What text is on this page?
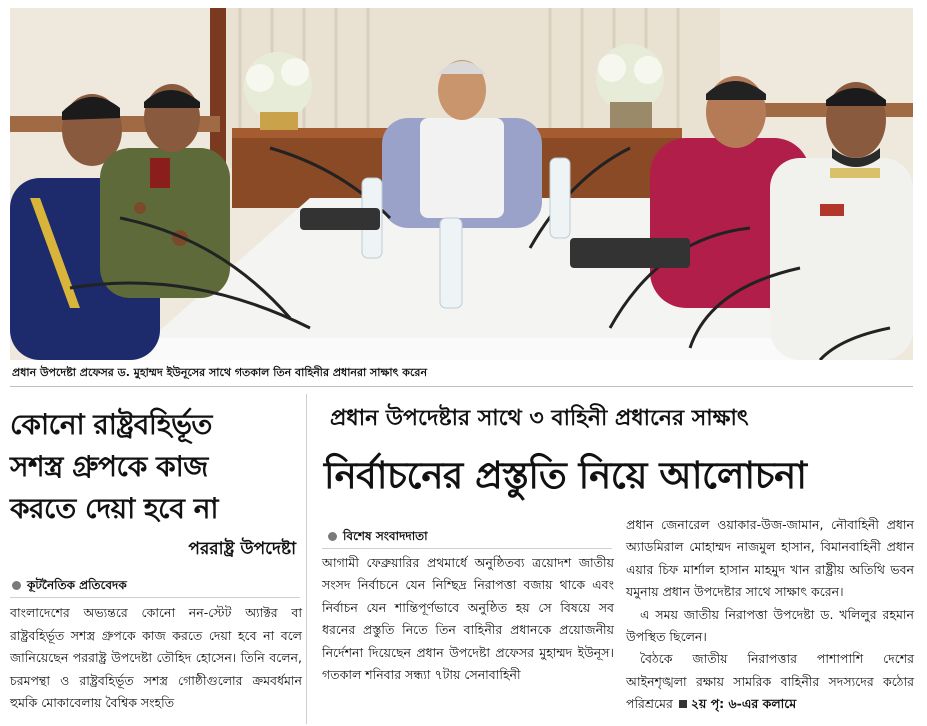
প্রধান উপদেষ্টা প্রফেসর ড. মুহাম্মদ ইউনূসের সাথে গতকাল তিন বাহিনীর প্রধানরা সাক্ষাৎ করেন
কোনো রাষ্ট্রবহির্ভূত
সশস্ত্র গ্রুপকে কাজ
করতে দেয়া হবে না
পররাষ্ট্র উপদেষ্টা
কূটনৈতিক প্রতিবেদক
বাংলাদেশের অভ্যন্তরে কোনো নন-স্টেট অ্যাক্টর বা রাষ্ট্রবহির্ভূত সশস্ত্র গ্রুপকে কাজ করতে দেয়া হবে না বলে জানিয়েছেন পররাষ্ট্র উপদেষ্টা তৌহিদ হোসেন। তিনি বলেন, চরমপন্থা ও রাষ্ট্রবহির্ভূত সশস্ত্র গোষ্ঠীগুলোর ক্রমবর্ধমান হুমকি মোকাবেলায় বৈশ্বিক সংহতি
প্রধান উপদেষ্টার সাথে ৩ বাহিনী প্রধানের সাক্ষাৎ
নির্বাচনের প্রস্তুতি নিয়ে আলোচনা
বিশেষ সংবাদদাতা
আগামী ফেব্রুয়ারির প্রথমার্ধে অনুষ্ঠিতব্য ত্রয়োদশ জাতীয় সংসদ নির্বাচনে যেন নিশ্ছিদ্র নিরাপত্তা বজায় থাকে এবং নির্বাচন যেন শান্তিপূর্ণভাবে অনুষ্ঠিত হয় সে বিষয়ে সব ধরনের প্রস্তুতি নিতে তিন বাহিনীর প্রধানকে প্রয়োজনীয় নির্দেশনা দিয়েছেন প্রধান উপদেষ্টা প্রফেসর মুহাম্মদ ইউনূস। গতকাল শনিবার সন্ধ্যা ৭টায় সেনাবাহিনী

প্রধান জেনারেল ওয়াকার-উজ-জামান, নৌবাহিনী প্রধান অ্যাডমিরাল মোহাম্মদ নাজমুল হাসান, বিমানবাহিনী প্রধান এয়ার চিফ মার্শাল হাসান মাহমুদ খান রাষ্ট্রীয় অতিথি ভবন যমুনায় প্রধান উপদেষ্টার সাথে সাক্ষাৎ করেন।

এ সময় জাতীয় নিরাপত্তা উপদেষ্টা ড. খলিলুর রহমান উপস্থিত ছিলেন।

বৈঠকে জাতীয় নিরাপত্তার পাশাপাশি দেশের আইনশৃঙ্খলা রক্ষায় সামরিক বাহিনীর সদস্যদের কঠোর পরিশ্রমের ২য় পৃ: ৬-এর কলামে
